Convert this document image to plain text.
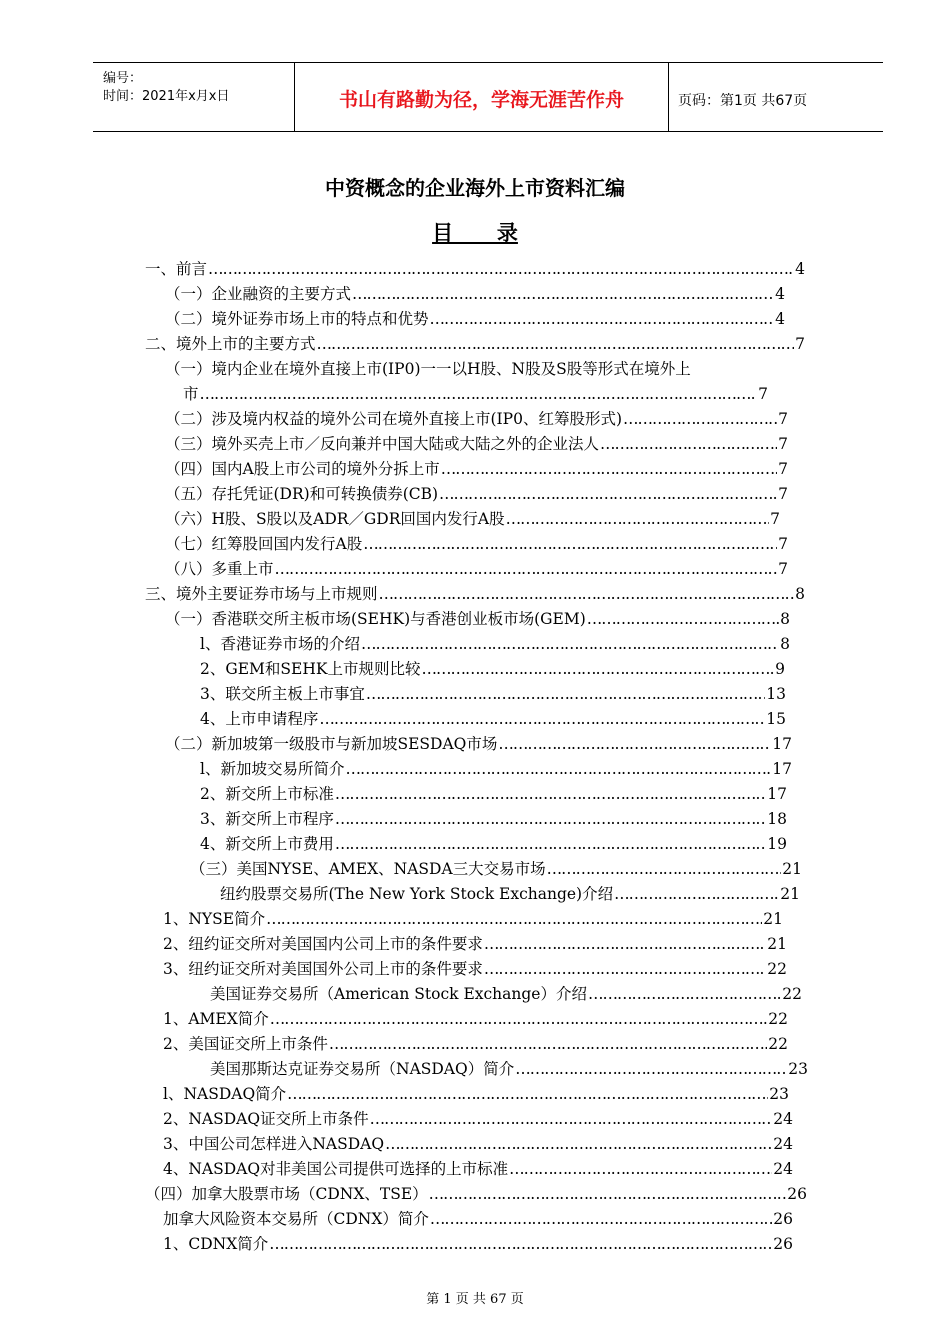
编号：
时间：2021年x月x日	书山有路勤为径，学海无涯苦作舟	页码：第1页 共67页
中资概念的企业海外上市资料汇编
目      录
一、前言 ……………………………………………………………………………………………………………………………………………………………	4
（一）企业融资的主要方式 ……………………………………………………………………………………………………………………………………………………………	4
（二）境外证券市场上市的特点和优势 ……………………………………………………………………………………………………………………………………………………………	4
二、境外上市的主要方式 ……………………………………………………………………………………………………………………………………………………………	7
（一）境内企业在境外直接上市(IP0)一一以H股、N股及S股等形式在境外上
市 ……………………………………………………………………………………………………………………………………………………………	7
（二）涉及境内权益的境外公司在境外直接上市(IP0、红筹股形式) ……………………………………………………………………………………………………………………………………………………………	7
（三）境外买壳上市／反向兼并中国大陆或大陆之外的企业法人 ……………………………………………………………………………………………………………………………………………………………	7
（四）国内A股上市公司的境外分拆上市 ……………………………………………………………………………………………………………………………………………………………	7
（五）存托凭证(DR)和可转换债券(CB) ……………………………………………………………………………………………………………………………………………………………	7
（六）H股、S股以及ADR／GDR回国内发行A股 ……………………………………………………………………………………………………………………………………………………………	7
（七）红筹股回国内发行A股 ……………………………………………………………………………………………………………………………………………………………	7
（八）多重上市 ……………………………………………………………………………………………………………………………………………………………	7
三、境外主要证券市场与上市规则 ……………………………………………………………………………………………………………………………………………………………	8
（一）香港联交所主板市场(SEHK)与香港创业板市场(GEM) ……………………………………………………………………………………………………………………………………………………………	8
l、香港证券市场的介绍 ……………………………………………………………………………………………………………………………………………………………	8
2、GEM和SEHK上市规则比较 ……………………………………………………………………………………………………………………………………………………………	9
3、联交所主板上市事宜 ……………………………………………………………………………………………………………………………………………………………	13
4、上市申请程序 ……………………………………………………………………………………………………………………………………………………………	15
（二）新加坡第一级股市与新加坡SESDAQ市场 ……………………………………………………………………………………………………………………………………………………………	17
l、新加坡交易所简介 ……………………………………………………………………………………………………………………………………………………………	17
2、新交所上市标准 ……………………………………………………………………………………………………………………………………………………………	17
3、新交所上市程序 ……………………………………………………………………………………………………………………………………………………………	18
4、新交所上市费用 ……………………………………………………………………………………………………………………………………………………………	19
（三）美国NYSE、AMEX、NASDA三大交易市场 ……………………………………………………………………………………………………………………………………………………………	21
纽约股票交易所(The New York Stock Exchange)介绍 ……………………………………………………………………………………………………………………………………………………………	21
1、NYSE简介 ……………………………………………………………………………………………………………………………………………………………	21
2、纽约证交所对美国国内公司上市的条件要求 ……………………………………………………………………………………………………………………………………………………………	21
3、纽约证交所对美国国外公司上市的条件要求 ……………………………………………………………………………………………………………………………………………………………	22
美国证券交易所（American Stock Exchange）介绍 ……………………………………………………………………………………………………………………………………………………………	22
1、AMEX简介 ……………………………………………………………………………………………………………………………………………………………	22
2、美国证交所上市条件 ……………………………………………………………………………………………………………………………………………………………	22
美国那斯达克证券交易所（NASDAQ）简介 ……………………………………………………………………………………………………………………………………………………………	23
l、NASDAQ简介 ……………………………………………………………………………………………………………………………………………………………	23
2、NASDAQ证交所上市条件 ……………………………………………………………………………………………………………………………………………………………	24
3、中国公司怎样进入NASDAQ ……………………………………………………………………………………………………………………………………………………………	24
4、NASDAQ对非美国公司提供可选择的上市标准 ……………………………………………………………………………………………………………………………………………………………	24
（四）加拿大股票市场（CDNX、TSE） ……………………………………………………………………………………………………………………………………………………………	26
加拿大风险资本交易所（CDNX）简介 ……………………………………………………………………………………………………………………………………………………………	26
1、CDNX简介 ……………………………………………………………………………………………………………………………………………………………	26
第 1 页 共 67 页
